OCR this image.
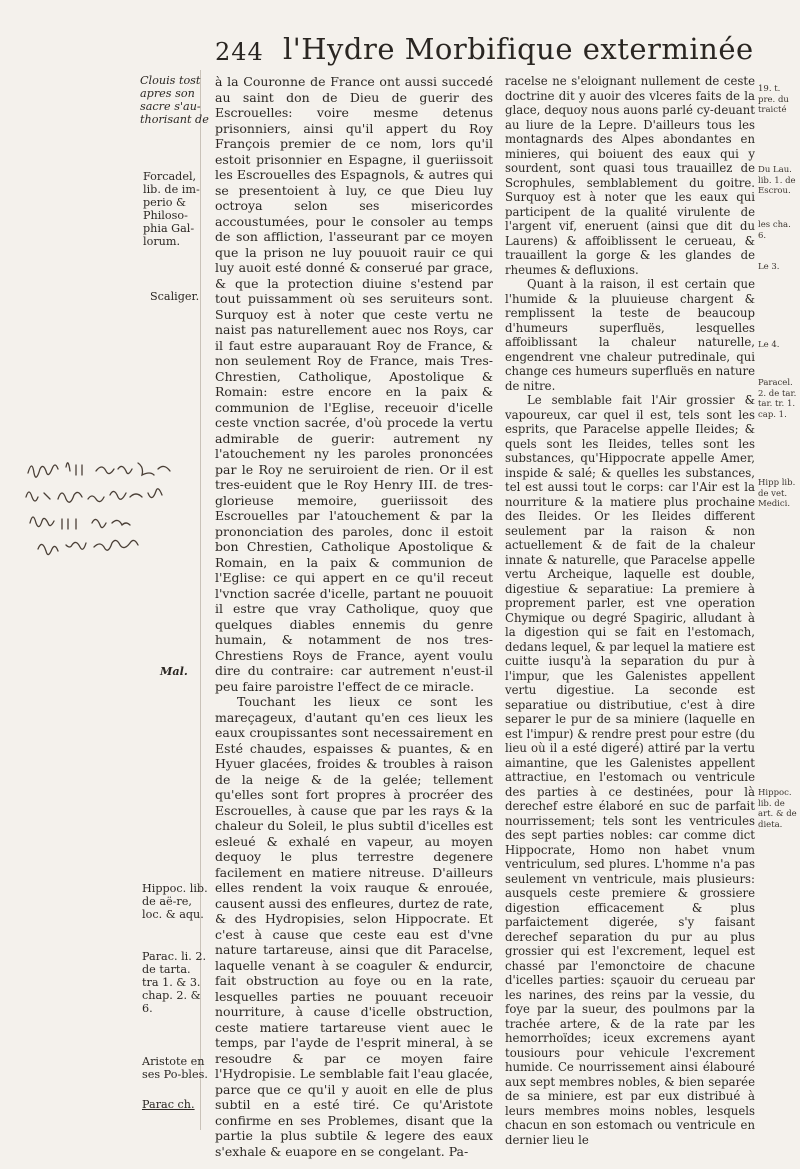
244 l'Hydre Morbifique exterminée
Clouis tost apres son sacre s'au-thorisant de
Forcadel, lib. de im-perio & Philoso-phia Gal-lorum.
Scaliger.
Mal.
Hippoc. lib. de aë-re, loc. & aqu.
Parac. li. 2. de tarta. tra 1. & 3. chap. 2. & 6.
Aristote en ses Po-bles.
Parac ch.

à la Couronne de France ont aussi succedé au saint don de Dieu de guerir des Escrouelles: voire mesme detenus prisonniers, ainsi qu'il appert du Roy François premier de ce nom, lors qu'il estoit prisonnier en Espagne, il gueriissoit les Escrouelles des Espagnols, & autres qui se presentoient à luy, ce que Dieu luy octroya selon ses misericordes accoustumées, pour le consoler au temps de son affliction, l'asseurant par ce moyen que la prison ne luy pouuoit rauir ce qui luy auoit esté donné & conserué par grace, & que la protection diuine s'estend par tout puissamment où ses seruiteurs sont. Surquoy est à noter que ceste vertu ne naist pas naturellement auec nos Roys, car il faut estre auparauant Roy de France, & non seulement Roy de France, mais Tres-Chrestien, Catholique, Apostolique & Romain: estre encore en la paix & communion de l'Eglise, receuoir d'icelle ceste vnction sacrée, d'où procede la vertu admirable de guerir: autrement ny l'atouchement ny les paroles prononcées par le Roy ne seruiroient de rien. Or il est tres-euident que le Roy Henry III. de tres-glorieuse memoire, gueriissoit des Escrouelles par l'atouchement & par la prononciation des paroles, donc il estoit bon Chrestien, Catholique Apostolique & Romain, en la paix & communion de l'Eglise: ce qui appert en ce qu'il receut l'vnction sacrée d'icelle, partant ne pouuoit il estre que vray Catholique, quoy que quelques diables ennemis du genre humain, & notamment de nos tres-Chrestiens Roys de France, ayent voulu dire du contraire: car autrement n'eust-il peu faire paroistre l'effect de ce miracle.

Touchant les lieux ce sont les mareçageux, d'autant qu'en ces lieux les eaux croupissantes sont necessairement en Esté chaudes, espaisses & puantes, & en Hyuer glacées, froides & troubles à raison de la neige & de la gelée; tellement qu'elles sont fort propres à procréer des Escrouelles, à cause que par les rays & la chaleur du Soleil, le plus subtil d'icelles est esleué & exhalé en vapeur, au moyen dequoy le plus terrestre degenere facilement en matiere nitreuse. D'ailleurs elles rendent la voix rauque & enrouée, causent aussi des enfleures, durtez de rate, & des Hydropisies, selon Hippocrate. Et c'est à cause que ceste eau est d'vne nature tartareuse, ainsi que dit Paracelse, laquelle venant à se coaguler & endurcir, fait obstruction au foye ou en la rate, lesquelles parties ne pouuant receuoir nourriture, à cause d'icelle obstruction, ceste matiere tartareuse vient auec le temps, par l'ayde de l'esprit mineral, à se resoudre & par ce moyen faire l'Hydropisie. Le semblable fait l'eau glacée, parce que ce qu'il y auoit en elle de plus subtil en a esté tiré. Ce qu'Aristote confirme en ses Problemes, disant que la partie la plus subtile & legere des eaux s'exhale & euapore en se congelant. Pa-

racelse ne s'eloignant nullement de ceste doctrine dit y auoir des vlceres faits de la glace, dequoy nous auons parlé cy-deuant au liure de la Lepre. D'ailleurs tous les montagnards des Alpes abondantes en minieres, qui boiuent des eaux qui y sourdent, sont quasi tous trauaillez de Scrophules, semblablement du goitre. Surquoy est à noter que les eaux qui participent de la qualité virulente de l'argent vif, eneruent (ainsi que dit du Laurens) & affoiblissent le cerueau, & trauaillent la gorge & les glandes de rheumes & defluxions.

Quant à la raison, il est certain que l'humide & la pluuieuse chargent & remplissent la teste de beaucoup d'humeurs superfluës, lesquelles affoiblissant la chaleur naturelle, engendrent vne chaleur putredinale, qui change ces humeurs superfluës en nature de nitre.

Le semblable fait l'Air grossier & vapoureux, car quel il est, tels sont les esprits, que Paracelse appelle Ileides; & quels sont les Ileides, telles sont les substances, qu'Hippocrate appelle Amer, inspide & salé; & quelles les substances, tel est aussi tout le corps: car l'Air est la nourriture & la matiere plus prochaine des Ileides. Or les Ileides different seulement par la raison & non actuellement & de fait de la chaleur innate & naturelle, que Paracelse appelle vertu Archeique, laquelle est double, digestiue & separatiue: La premiere à proprement parler, est vne operation Chymique ou degré Spagiric, alludant à la digestion qui se fait en l'estomach, dedans lequel, & par lequel la matiere est cuitte iusqu'à la separation du pur à l'impur, que les Galenistes appellent vertu digestiue. La seconde est separatiue ou distributiue, c'est à dire separer le pur de sa miniere (laquelle en est l'impur) & rendre prest pour estre (du lieu où il a esté digeré) attiré par la vertu aimantine, que les Galenistes appellent attractiue, en l'estomach ou ventricule des parties à ce destinées, pour là derechef estre élaboré en suc de parfait nourrissement; tels sont les ventricules des sept parties nobles: car comme dict Hippocrate, Homo non habet vnum ventriculum, sed plures. L'homme n'a pas seulement vn ventricule, mais plusieurs: ausquels ceste premiere & grossiere digestion efficacement & plus parfaictement digerée, s'y faisant derechef separation du pur au plus grossier qui est l'excrement, lequel est chassé par l'emonctoire de chacune d'icelles parties: sçauoir du cerueau par les narines, des reins par la vessie, du foye par la sueur, des poulmons par la trachée artere, & de la rate par les hemorrhoïdes; iceux excremens ayant tousiours pour vehicule l'excrement humide. Ce nourrissement ainsi élabouré aux sept membres nobles, & bien separée de sa miniere, est par eux distribué à leurs membres moins nobles, lesquels chacun en son estomach ou ventricule en dernier lieu le

19. t. pre. du traicté
Du Lau. lib. 1. de Escrou.
les cha. 6.
Le 3.
Le 4.
Paracel. 2. de tar. tar. tr. 1. cap. 1.
Hipp lib. de vet. Medici.
Hippoc. lib. de art. & de dieta.
